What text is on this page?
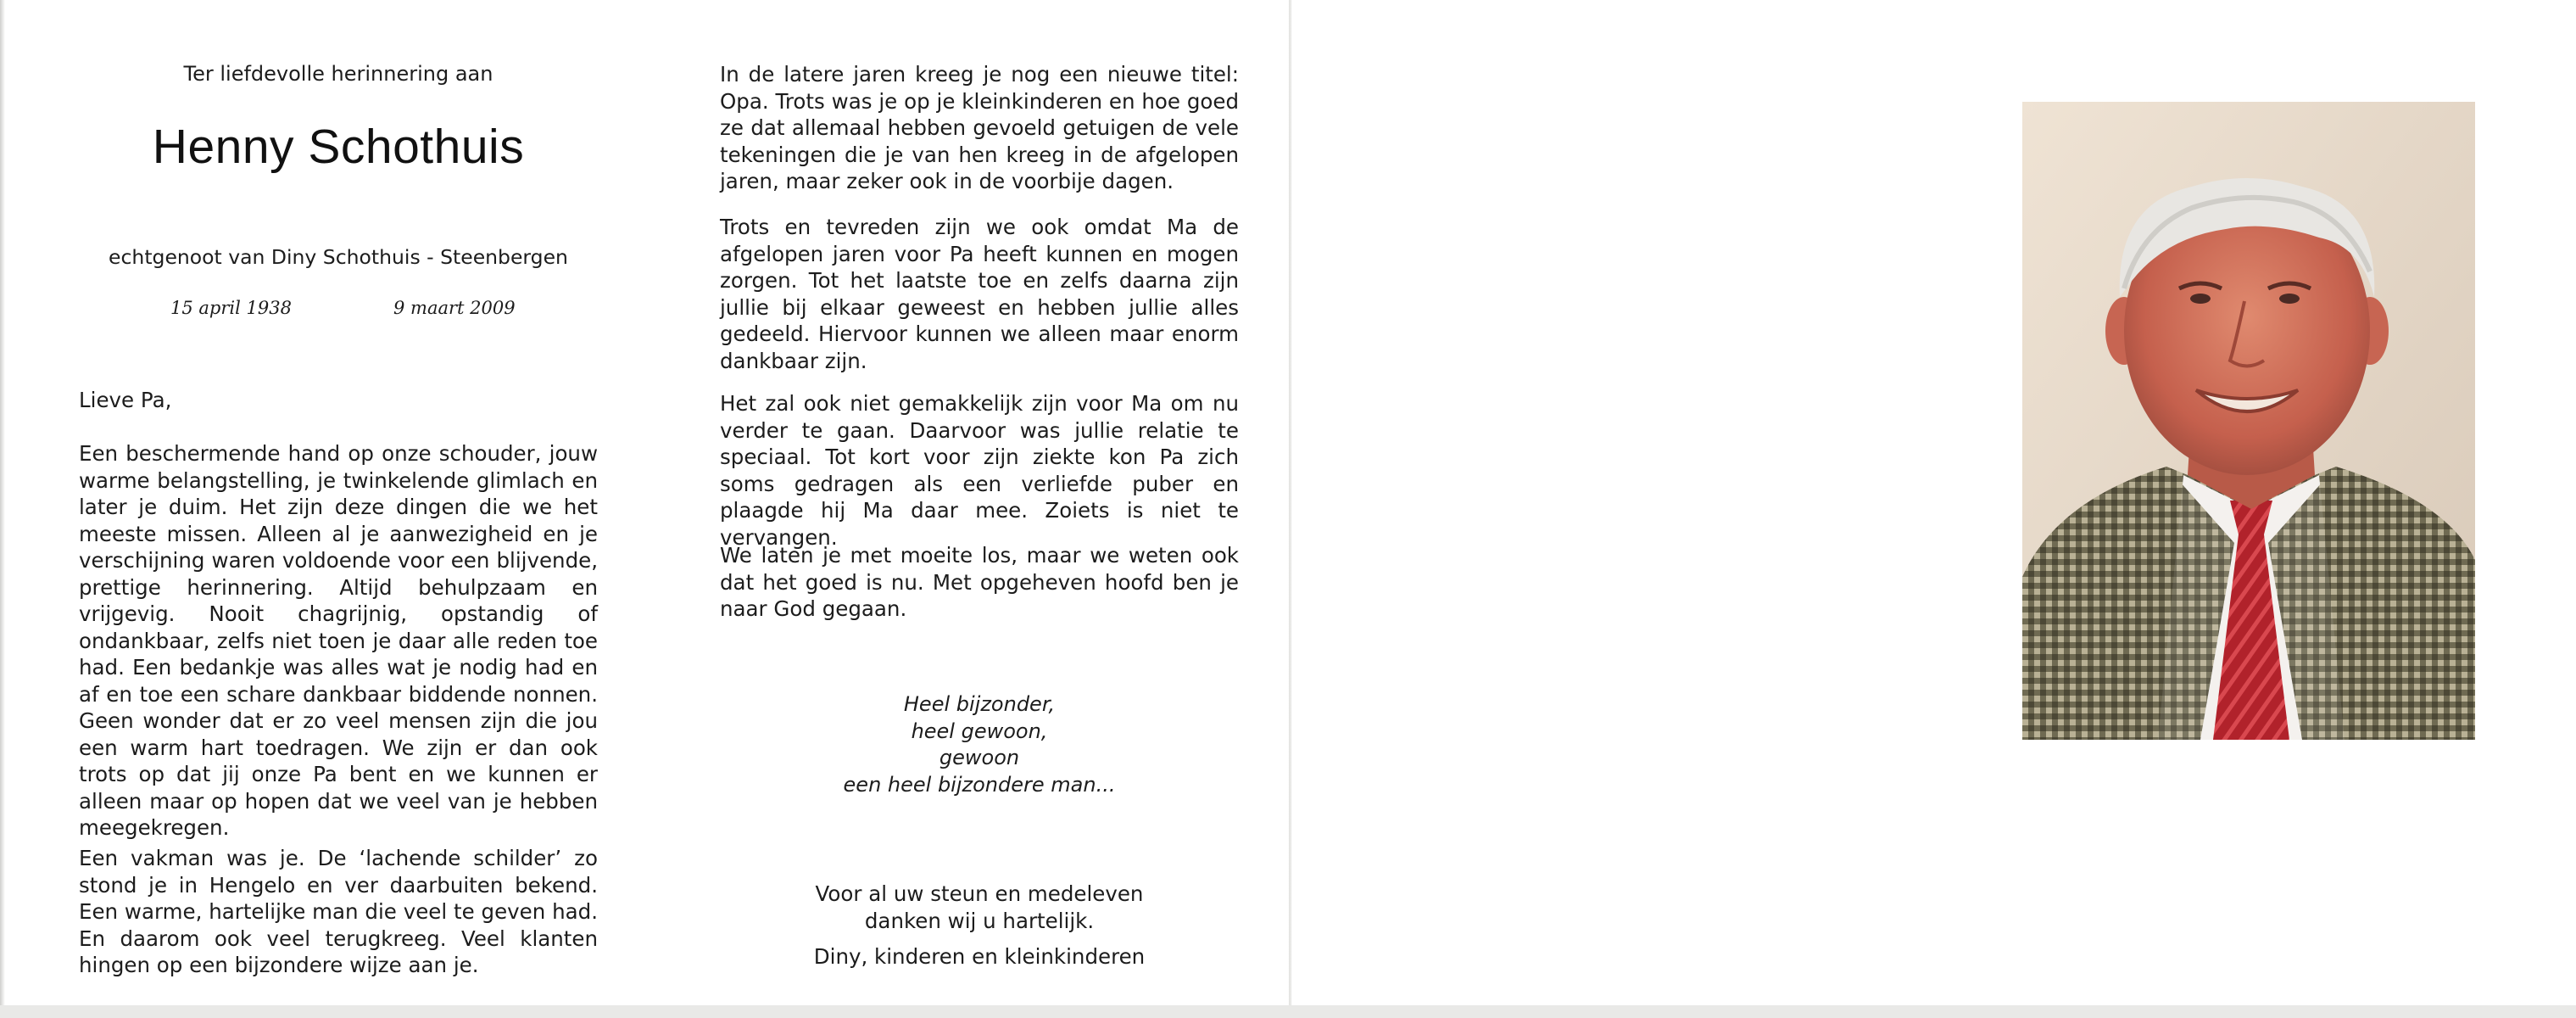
Ter liefdevolle herinnering aan
Henny Schothuis
echtgenoot van Diny Schothuis - Steenbergen
15 april 1938	9 maart 2009
Lieve Pa,

Een beschermende hand op onze schouder, jouw warme belangstelling, je twinkelende glimlach en later je duim. Het zijn deze dingen die we het meeste missen. Alleen al je aanwezigheid en je verschijning waren voldoende voor een blijvende, prettige herinnering. Altijd behulpzaam en vrijgevig. Nooit chagrijnig, opstandig of ondankbaar, zelfs niet toen je daar alle reden toe had. Een bedankje was alles wat je nodig had en af en toe een schare dankbaar biddende nonnen. Geen wonder dat er zo veel mensen zijn die jou een warm hart toedragen. We zijn er dan ook trots op dat jij onze Pa bent en we kunnen er alleen maar op hopen dat we veel van je hebben meegekregen.

Een vakman was je. De ‘lachende schilder’ zo stond je in Hengelo en ver daarbuiten bekend. Een warme, hartelijke man die veel te geven had. En daarom ook veel terugkreeg. Veel klanten hingen op een bijzondere wijze aan je.

In de latere jaren kreeg je nog een nieuwe titel: Opa. Trots was je op je kleinkinderen en hoe goed ze dat allemaal hebben gevoeld getuigen de vele tekeningen die je van hen kreeg in de afgelopen jaren, maar zeker ook in de voorbije dagen.

Trots en tevreden zijn we ook omdat Ma de afgelopen jaren voor Pa heeft kunnen en mogen zorgen. Tot het laatste toe en zelfs daarna zijn jullie bij elkaar geweest en hebben jullie alles gedeeld. Hiervoor kunnen we alleen maar enorm dankbaar zijn.

Het zal ook niet gemakkelijk zijn voor Ma om nu verder te gaan. Daarvoor was jullie relatie te speciaal. Tot kort voor zijn ziekte kon Pa zich soms gedragen als een verliefde puber en plaagde hij Ma daar mee. Zoiets is niet te vervangen.

We laten je met moeite los, maar we weten ook dat het goed is nu. Met opgeheven hoofd ben je naar God gegaan.

Heel bijzonder,
heel gewoon,
gewoon
een heel bijzondere man...
Voor al uw steun en medeleven
danken wij u hartelijk.
Diny, kinderen en kleinkinderen
